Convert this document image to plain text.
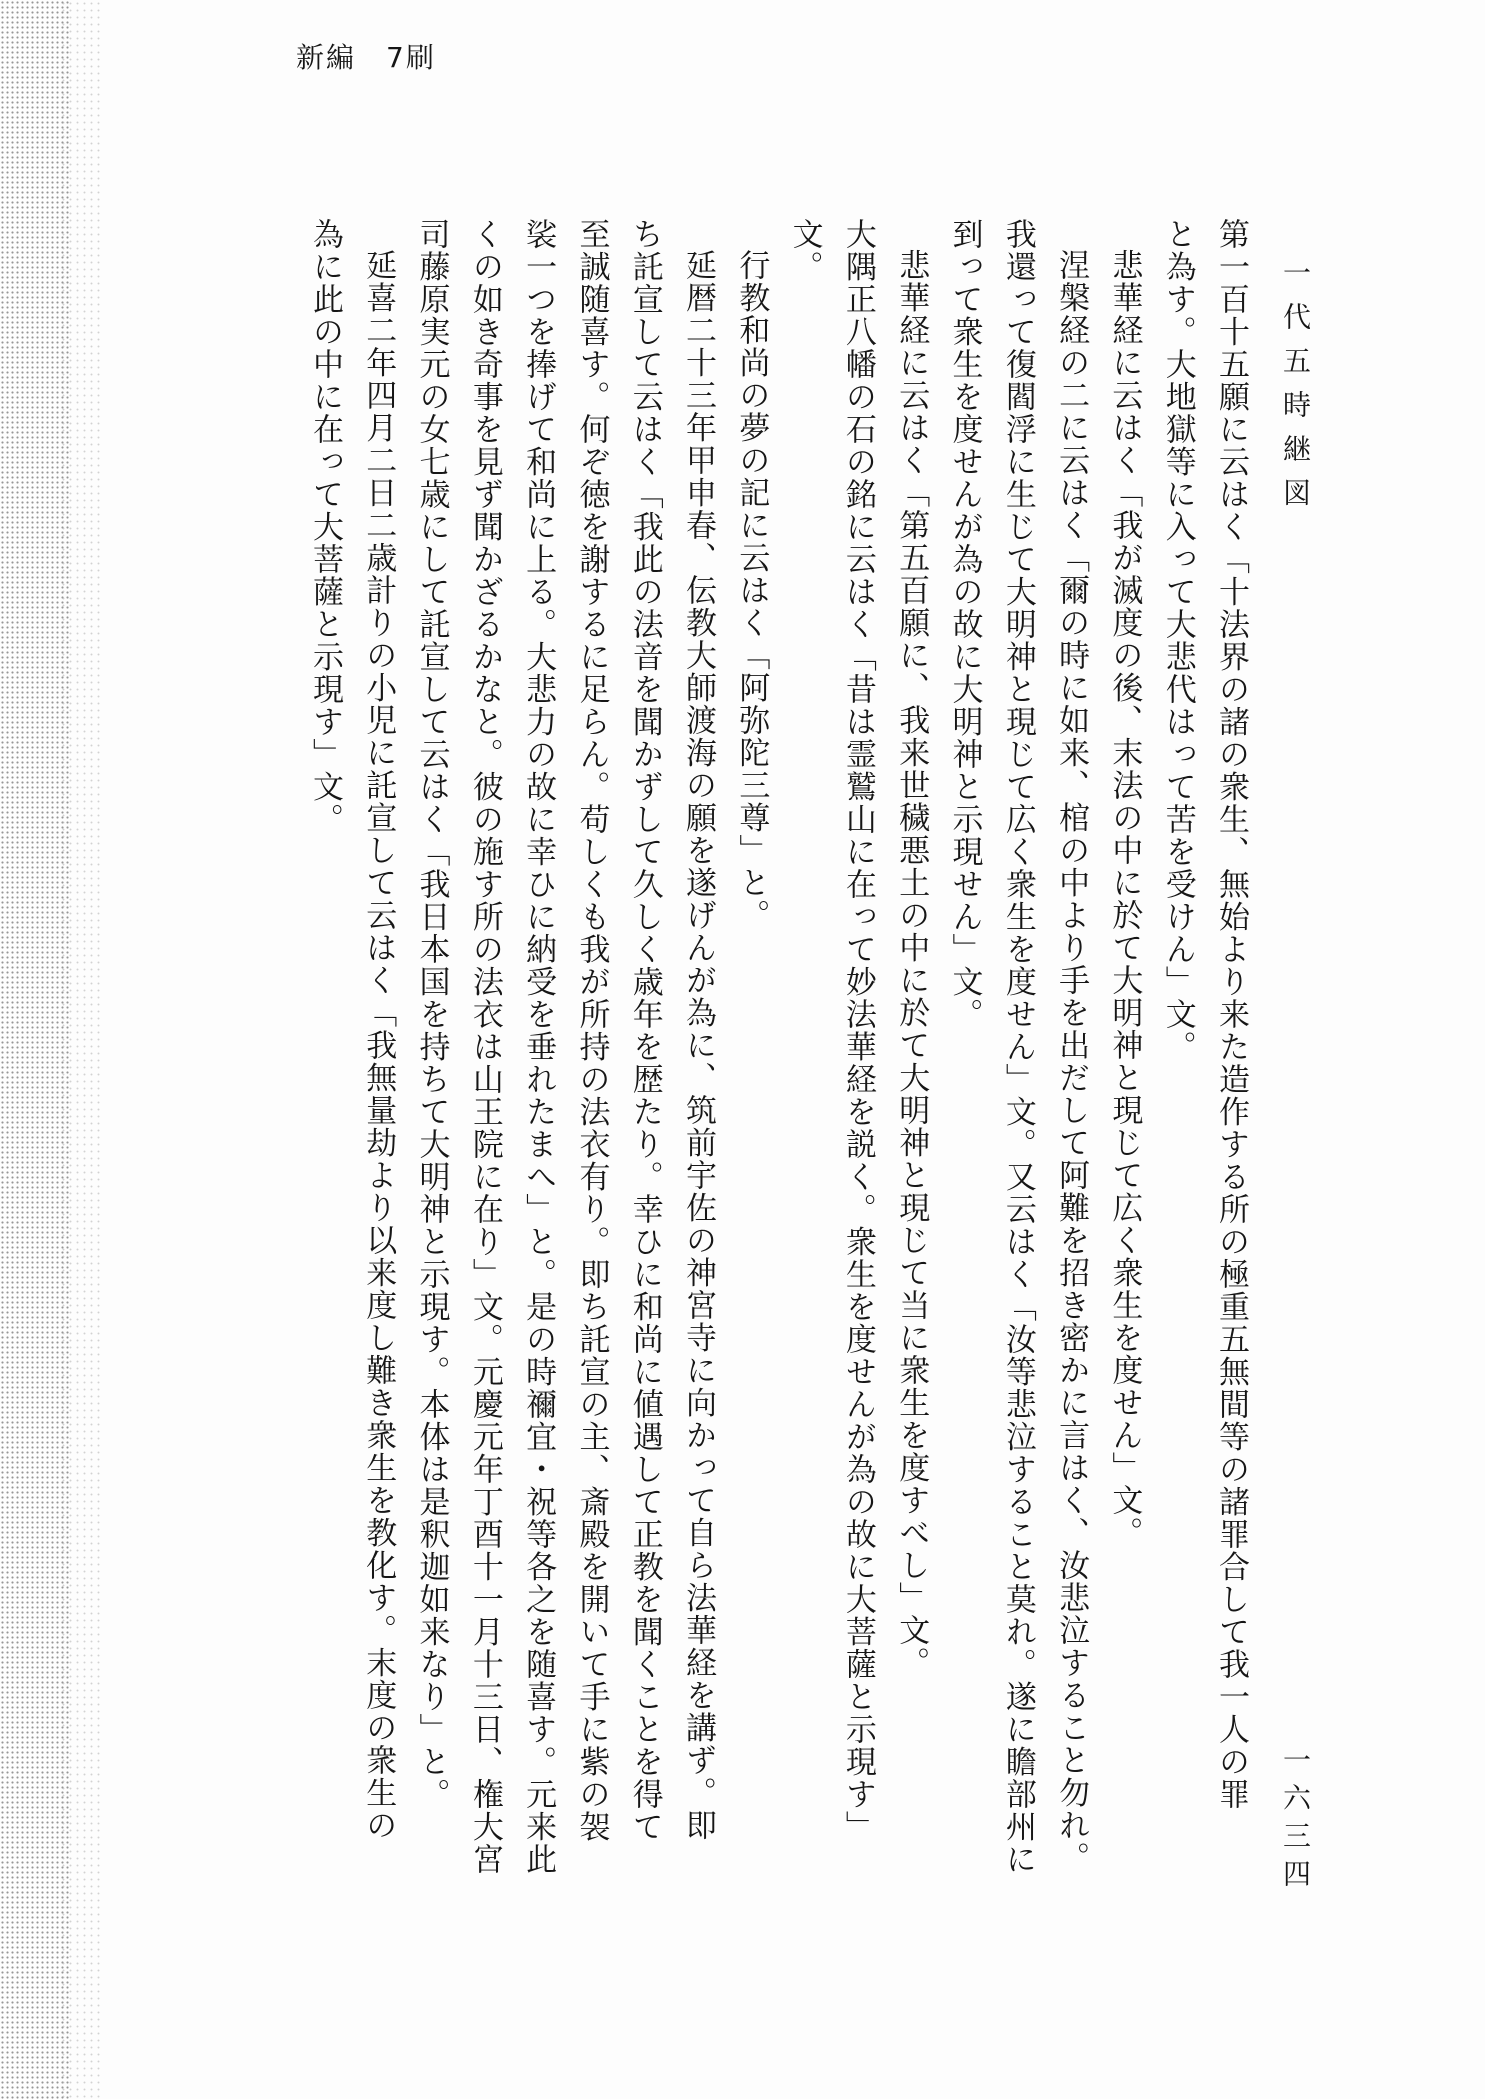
新編　7刷
一代五時継図
一六三四
第一百十五願に云はく「十法界の諸の衆生、無始より来た造作する所の極重五無間等の諸罪合して我一人の罪
と為す。大地獄等に入って大悲代はって苦を受けん」文。
悲華経に云はく「我が滅度の後、末法の中に於て大明神と現じて広く衆生を度せん」文。
涅槃経の二に云はく「爾の時に如来、棺の中より手を出だして阿難を招き密かに言はく、汝悲泣すること勿れ。
我還って復閻浮に生じて大明神と現じて広く衆生を度せん」文。又云はく「汝等悲泣すること莫れ。遂に瞻部州に
到って衆生を度せんが為の故に大明神と示現せん」文。
悲華経に云はく「第五百願に、我来世穢悪土の中に於て大明神と現じて当に衆生を度すべし」文。
大隅正八幡の石の銘に云はく「昔は霊鷲山に在って妙法華経を説く。衆生を度せんが為の故に大菩薩と示現す」
文。
行教和尚の夢の記に云はく「阿弥陀三尊」と。
延暦二十三年甲申春、伝教大師渡海の願を遂げんが為に、筑前宇佐の神宮寺に向かって自ら法華経を講ず。即
ち託宣して云はく「我此の法音を聞かずして久しく歳年を歴たり。幸ひに和尚に値遇して正教を聞くことを得て
至誠随喜す。何ぞ徳を謝するに足らん。苟しくも我が所持の法衣有り。即ち託宣の主、斎殿を開いて手に紫の袈
裟一つを捧げて和尚に上る。大悲力の故に幸ひに納受を垂れたまへ」と。是の時禰宜・祝等各之を随喜す。元来此
くの如き奇事を見ず聞かざるかなと。彼の施す所の法衣は山王院に在り」文。元慶元年丁酉十一月十三日、権大宮
司藤原実元の女七歳にして託宣して云はく「我日本国を持ちて大明神と示現す。本体は是釈迦如来なり」と。
延喜二年四月二日二歳計りの小児に託宣して云はく「我無量劫より以来度し難き衆生を教化す。末度の衆生の
為に此の中に在って大菩薩と示現す」文。
